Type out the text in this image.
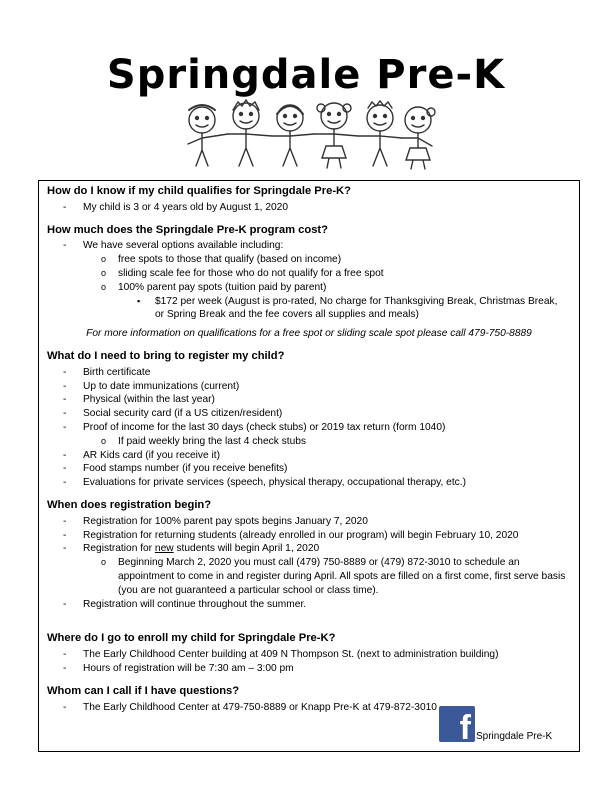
Springdale Pre-K
How do I know if my child qualifies for Springdale Pre-K?
- My child is 3 or 4 years old by August 1, 2020
How much does the Springdale Pre-K program cost?
- We have several options available including:
o free spots to those that qualify (based on income)
o sliding scale fee for those who do not qualify for a free spot
o 100% parent pay spots (tuition paid by parent)
▪ $172 per week (August is pro-rated, No charge for Thanksgiving Break, Christmas Break, or Spring Break and the fee covers all supplies and meals)
For more information on qualifications for a free spot or sliding scale spot please call 479-750-8889
What do I need to bring to register my child?
- Birth certificate
- Up to date immunizations (current)
- Physical (within the last year)
- Social security card (if a US citizen/resident)
- Proof of income for the last 30 days (check stubs) or 2019 tax return (form 1040)
o If paid weekly bring the last 4 check stubs
- AR Kids card (if you receive it)
- Food stamps number (if you receive benefits)
- Evaluations for private services (speech, physical therapy, occupational therapy, etc.)
When does registration begin?
- Registration for 100% parent pay spots begins January 7, 2020
- Registration for returning students (already enrolled in our program) will begin February 10, 2020
- Registration for new students will begin April 1, 2020
o Beginning March 2, 2020 you must call (479) 750-8889 or (479) 872-3010 to schedule an appointment to come in and register during April. All spots are filled on a first come, first serve basis (you are not guaranteed a particular school or class time).
- Registration will continue throughout the summer.
Where do I go to enroll my child for Springdale Pre-K?
- The Early Childhood Center building at 409 N Thompson St. (next to administration building)
- Hours of registration will be 7:30 am – 3:00 pm
Whom can I call if I have questions?
- The Early Childhood Center at 479-750-8889 or Knapp Pre-K at 479-872-3010
f Springdale Pre-K
